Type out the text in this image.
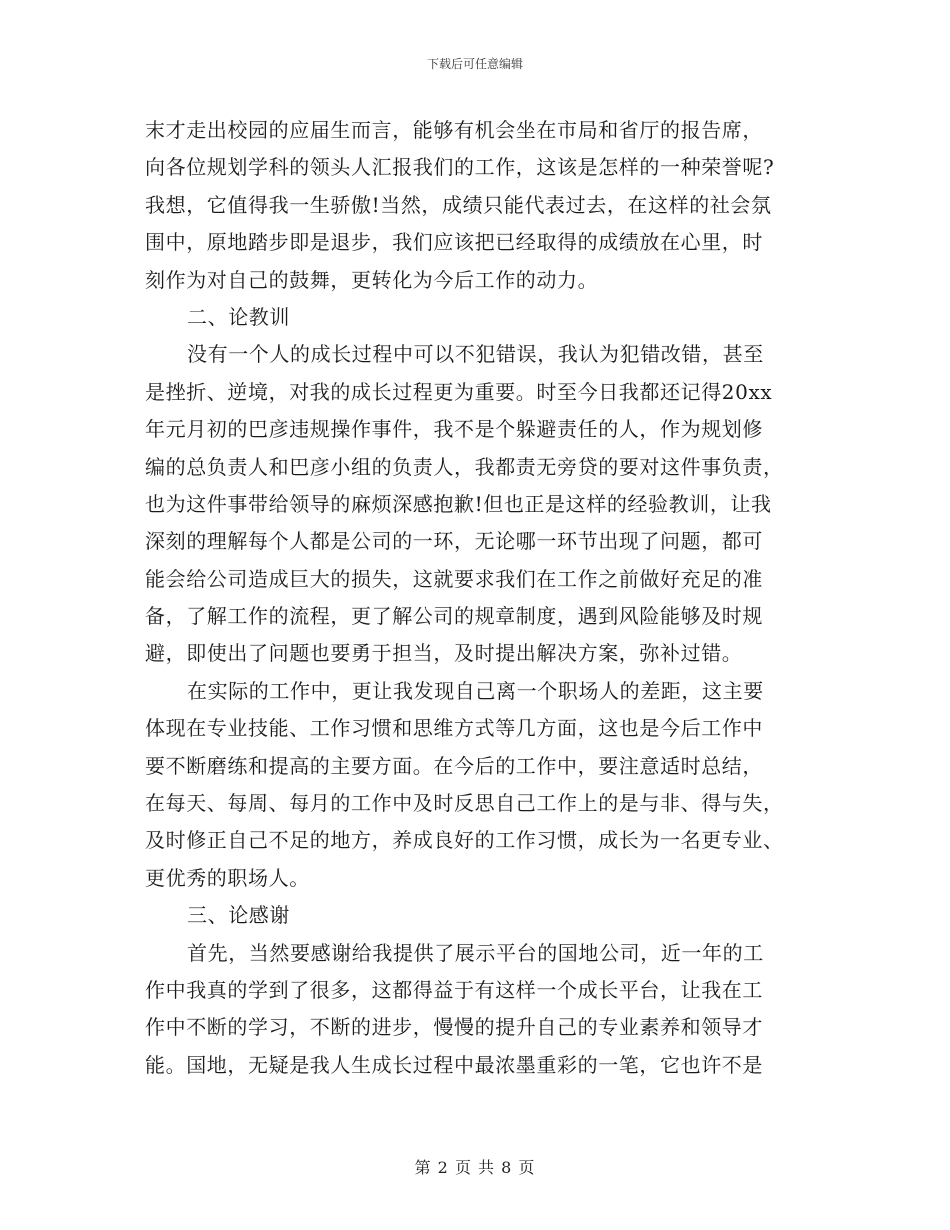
下载后可任意编辑
末才走出校园的应届生而言，能够有机会坐在市局和省厅的报告席，
向各位规划学科的领头人汇报我们的工作，这该是怎样的一种荣誉呢?
我想，它值得我一生骄傲!当然，成绩只能代表过去，在这样的社会氛
围中，原地踏步即是退步，我们应该把已经取得的成绩放在心里，时
刻作为对自己的鼓舞，更转化为今后工作的动力。
二、论教训
没有一个人的成长过程中可以不犯错误，我认为犯错改错，甚至
是挫折、逆境，对我的成长过程更为重要。时至今日我都还记得20xx
年元月初的巴彦违规操作事件，我不是个躲避责任的人，作为规划修
编的总负责人和巴彦小组的负责人，我都责无旁贷的要对这件事负责，
也为这件事带给领导的麻烦深感抱歉!但也正是这样的经验教训，让我
深刻的理解每个人都是公司的一环，无论哪一环节出现了问题，都可
能会给公司造成巨大的损失，这就要求我们在工作之前做好充足的准
备，了解工作的流程，更了解公司的规章制度，遇到风险能够及时规
避，即使出了问题也要勇于担当，及时提出解决方案，弥补过错。
在实际的工作中，更让我发现自己离一个职场人的差距，这主要
体现在专业技能、工作习惯和思维方式等几方面，这也是今后工作中
要不断磨练和提高的主要方面。在今后的工作中，要注意适时总结，
在每天、每周、每月的工作中及时反思自己工作上的是与非、得与失，
及时修正自己不足的地方，养成良好的工作习惯，成长为一名更专业、
更优秀的职场人。
三、论感谢
首先，当然要感谢给我提供了展示平台的国地公司，近一年的工
作中我真的学到了很多，这都得益于有这样一个成长平台，让我在工
作中不断的学习，不断的进步，慢慢的提升自己的专业素养和领导才
能。国地，无疑是我人生成长过程中最浓墨重彩的一笔，它也许不是
第 2 页 共 8 页
